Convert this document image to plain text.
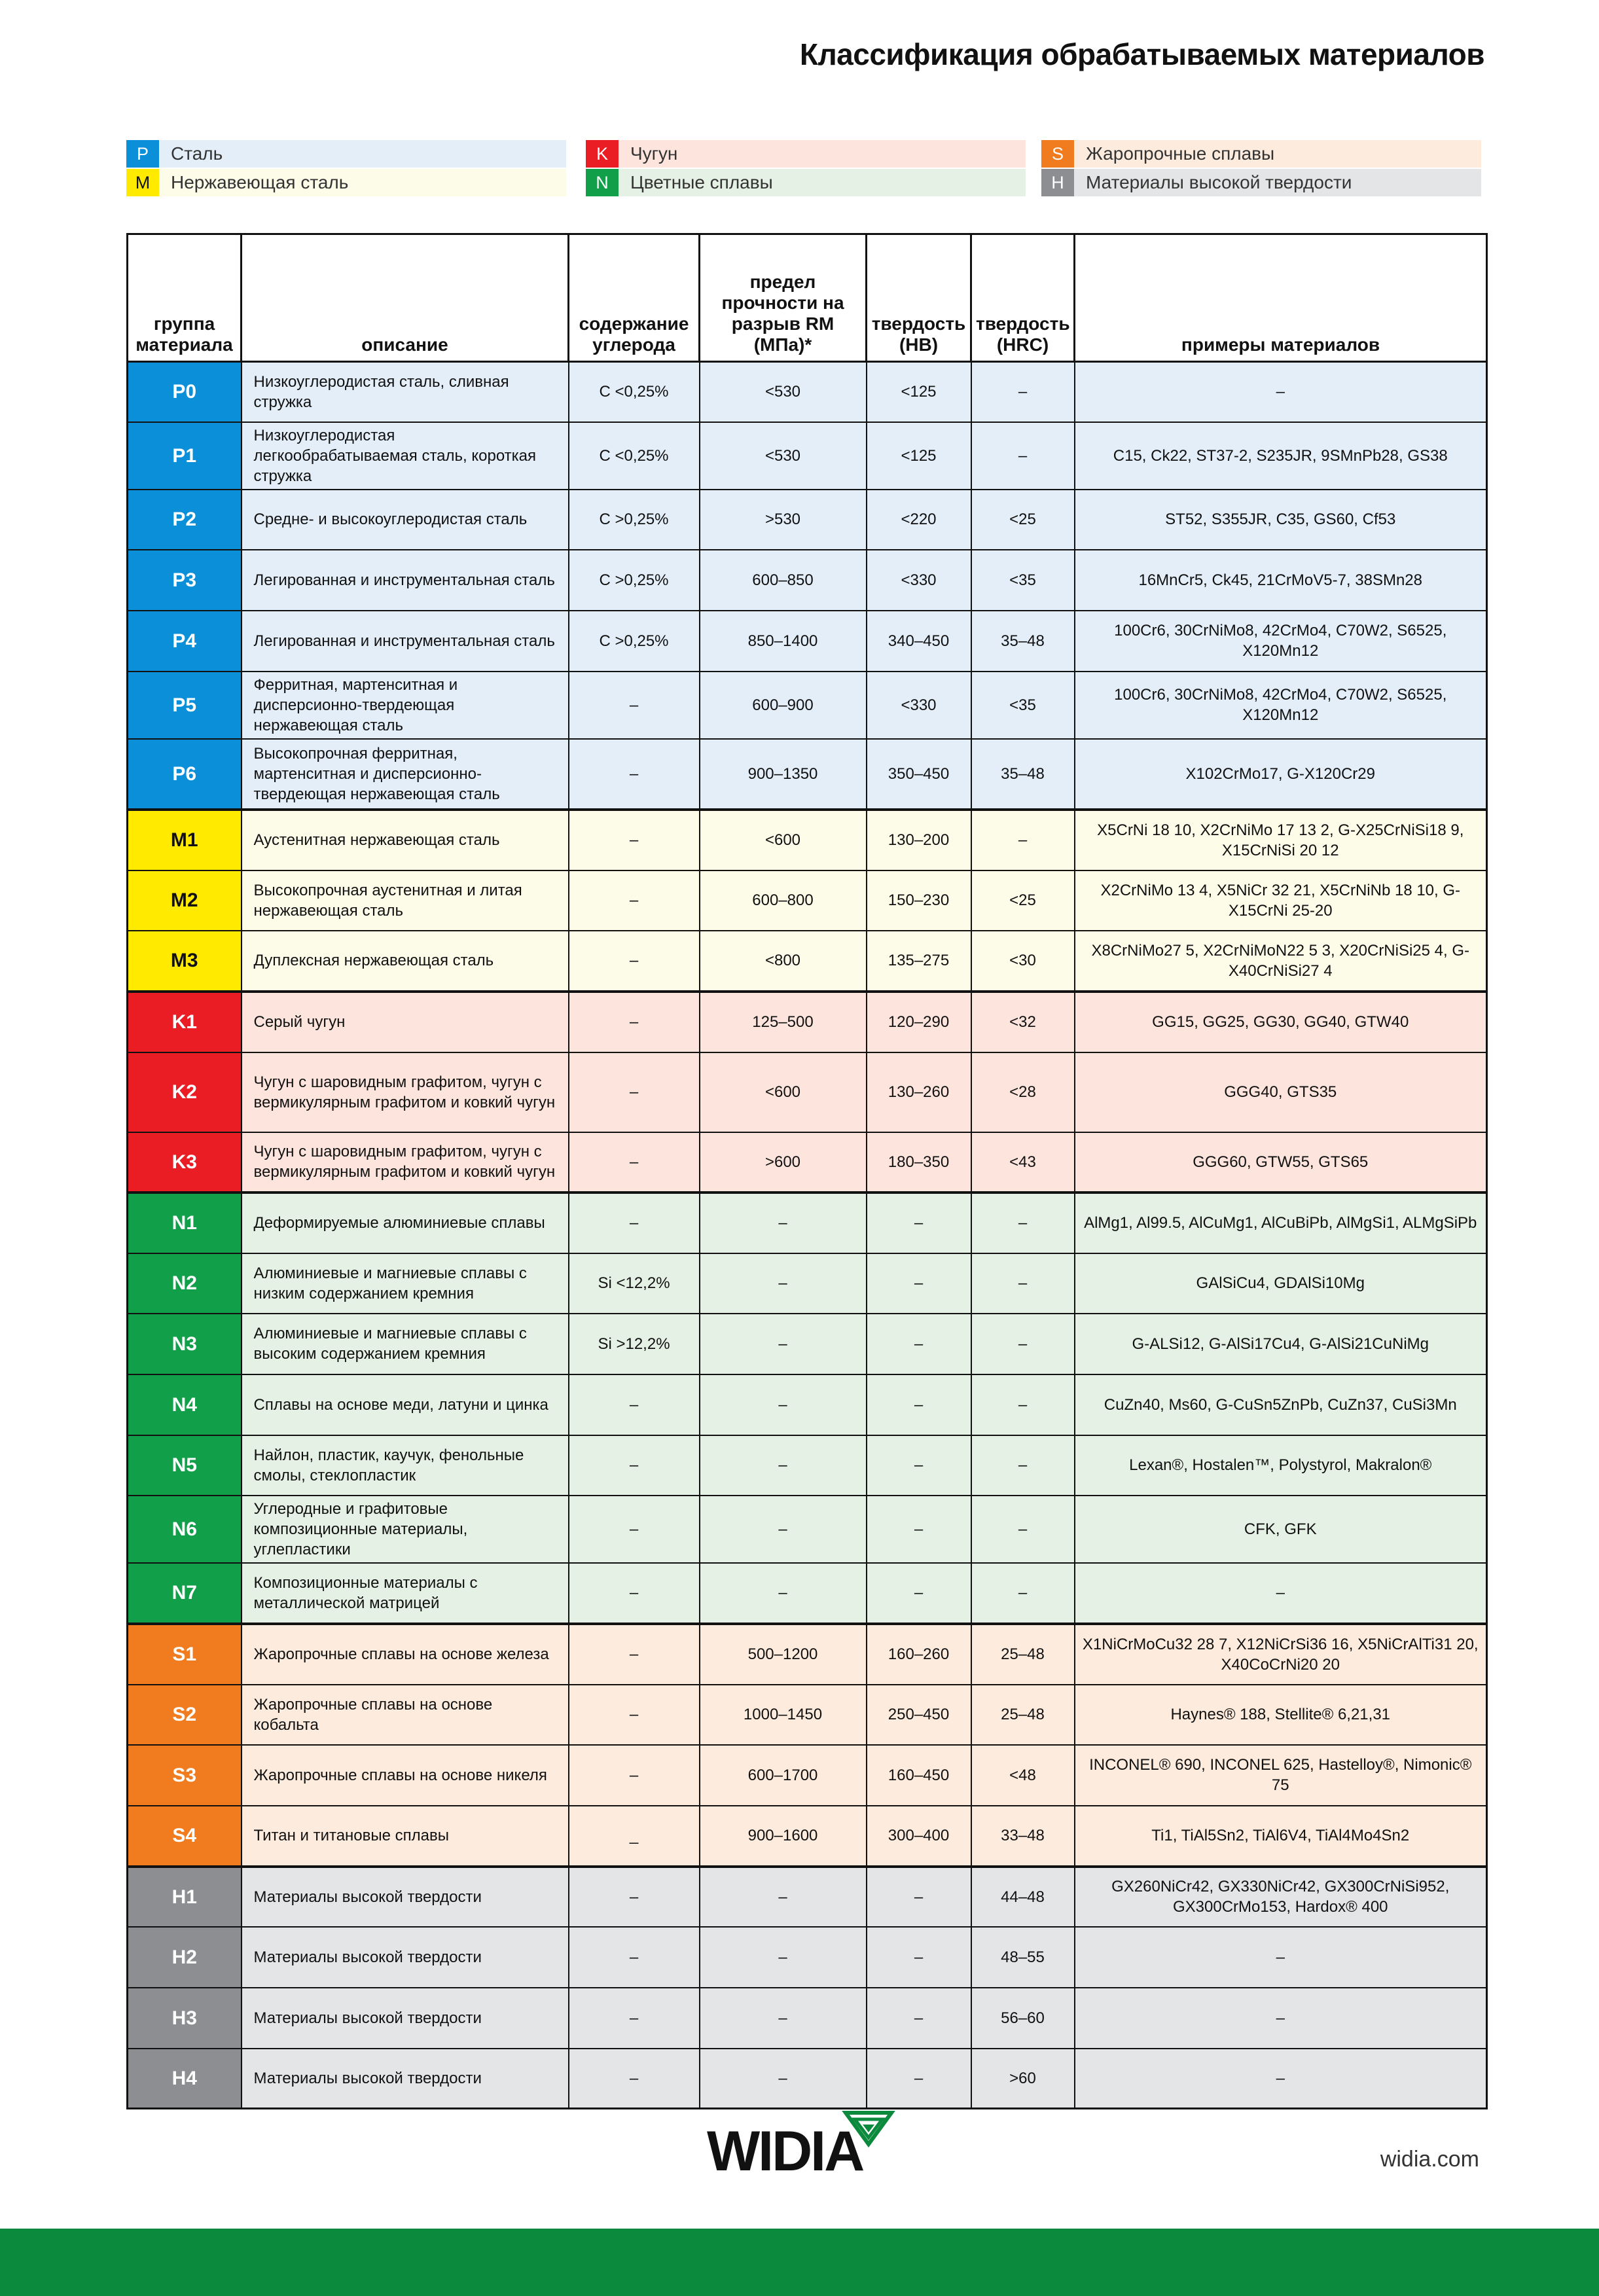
Классификация обрабатываемых материалов
P	Сталь
M	Нержавеющая сталь
K	Чугун
N	Цветные сплавы
S	Жаропрочные сплавы
H	Материалы высокой твердости
группа материала	описание	содержание углерода	предел прочности на разрыв RM (МПа)*	твердость (HB)	твердость (HRC)	примеры материалов
P0	Низкоуглеродистая сталь, сливная стружка	C <0,25%	<530	<125	–	–
P1	Низкоуглеродистая легкообрабатываемая сталь, короткая стружка	C <0,25%	<530	<125	–	C15, Ck22, ST37-2, S235JR, 9SMnPb28, GS38
P2	Средне- и высокоуглеродистая сталь	C >0,25%	>530	<220	<25	ST52, S355JR, C35, GS60, Cf53
P3	Легированная и инструментальная сталь	C >0,25%	600–850	<330	<35	16MnCr5, Ck45, 21CrMoV5-7, 38SMn28
P4	Легированная и инструментальная сталь	C >0,25%	850–1400	340–450	35–48	100Cr6, 30CrNiMo8, 42CrMo4, C70W2, S6525, X120Mn12
P5	Ферритная, мартенситная и дисперсионно-твердеющая нержавеющая сталь	–	600–900	<330	<35	100Cr6, 30CrNiMo8, 42CrMo4, C70W2, S6525, X120Mn12
P6	Высокопрочная ферритная, мартенситная и дисперсионно-твердеющая нержавеющая сталь	–	900–1350	350–450	35–48	X102CrMo17, G-X120Cr29
M1	Аустенитная нержавеющая сталь	–	<600	130–200	–	X5CrNi 18 10, X2CrNiMo 17 13 2, G-X25CrNiSi18 9, X15CrNiSi 20 12
M2	Высокопрочная аустенитная и литая нержавеющая сталь	–	600–800	150–230	<25	X2CrNiMo 13 4, X5NiCr 32 21, X5CrNiNb 18 10, G-X15CrNi 25-20
M3	Дуплексная нержавеющая сталь	–	<800	135–275	<30	X8CrNiMo27 5, X2CrNiMoN22 5 3, X20CrNiSi25 4, G-X40CrNiSi27 4
K1	Серый чугун	–	125–500	120–290	<32	GG15, GG25, GG30, GG40, GTW40
K2	Чугун с шаровидным графитом, чугун с вермикулярным графитом и ковкий чугун	–	<600	130–260	<28	GGG40, GTS35
K3	Чугун с шаровидным графитом, чугун с вермикулярным графитом и ковкий чугун	–	>600	180–350	<43	GGG60, GTW55, GTS65
N1	Деформируемые алюминиевые сплавы	–	–	–	–	AlMg1, Al99.5, AlCuMg1, AlCuBiPb, AlMgSi1, ALMgSiPb
N2	Алюминиевые и магниевые сплавы с низким содержанием кремния	Si <12,2%	–	–	–	GAlSiCu4, GDAlSi10Mg
N3	Алюминиевые и магниевые сплавы с высоким содержанием кремния	Si >12,2%	–	–	–	G-ALSi12, G-AlSi17Cu4, G-AlSi21CuNiMg
N4	Сплавы на основе меди, латуни и цинка	–	–	–	–	CuZn40, Ms60, G-CuSn5ZnPb, CuZn37, CuSi3Mn
N5	Найлон, пластик, каучук, фенольные смолы, стеклопластик	–	–	–	–	Lexan®, Hostalen™, Polystyrol, Makralon®
N6	Углеродные и графитовые композиционные материалы, углепластики	–	–	–	–	CFK, GFK
N7	Композиционные материалы с металлической матрицей	–	–	–	–	–
S1	Жаропрочные сплавы на основе железа	–	500–1200	160–260	25–48	X1NiCrMoCu32 28 7, X12NiCrSi36 16, X5NiCrAlTi31 20, X40CoCrNi20 20
S2	Жаропрочные сплавы на основе кобальта	–	1000–1450	250–450	25–48	Haynes® 188, Stellite® 6,21,31
S3	Жаропрочные сплавы на основе никеля	–	600–1700	160–450	<48	INCONEL® 690, INCONEL 625, Hastelloy®, Nimonic® 75
S4	Титан и титановые сплавы	_	900–1600	300–400	33–48	Ti1, TiAl5Sn2, TiAl6V4, TiAl4Mo4Sn2
H1	Материалы высокой твердости	–	–	–	44–48	GX260NiCr42, GX330NiCr42, GX300CrNiSi952, GX300CrMo153, Hardox® 400
H2	Материалы высокой твердости	–	–	–	48–55	–
H3	Материалы высокой твердости	–	–	–	56–60	–
H4	Материалы высокой твердости	–	–	–	>60	–
WIDIA	widia.com
